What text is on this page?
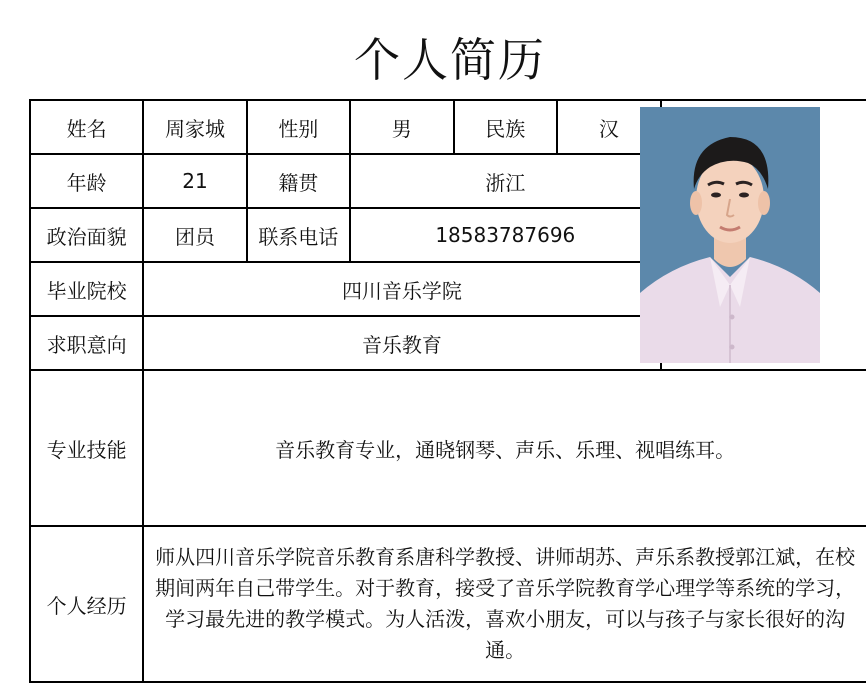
个人简历
姓名	周家城	性别	男	民族	汉	

年龄	21	籍贯	浙江			
政治面貌	团员	联系电话	18583787696			
毕业院校	四川音乐学院					
求职意向	音乐教育					
专业技能	音乐教育专业，通晓钢琴、声乐、乐理、视唱练耳。					
个人经历	师从四川音乐学院音乐教育系唐科学教授、讲师胡苏、声乐系教授郭江斌，在校期间两年自己带学生。对于教育，接受了音乐学院教育学心理学等系统的学习，学习最先进的教学模式。为人活泼，喜欢小朋友，可以与孩子与家长很好的沟通。					
